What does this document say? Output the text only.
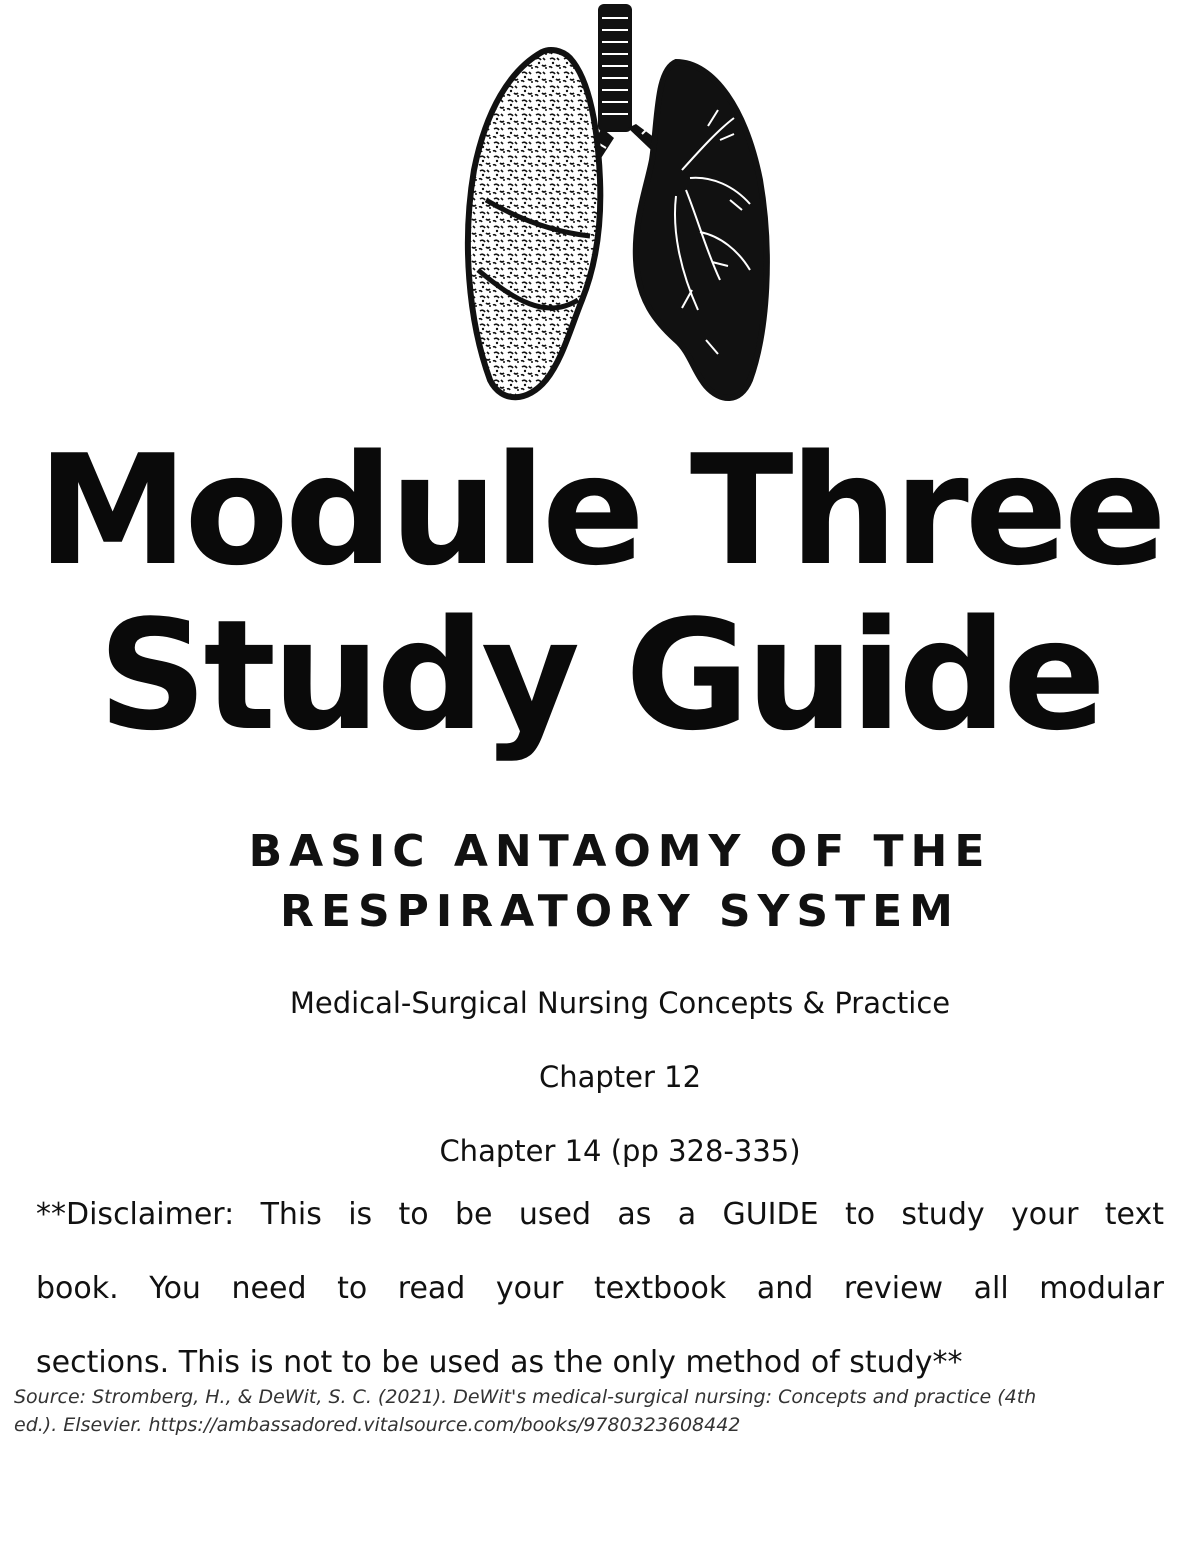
Module Three
Study Guide
BASIC ANTAOMY OF THE
RESPIRATORY SYSTEM
Medical-Surgical Nursing Concepts & Practice
Chapter 12
Chapter 14 (pp 328-335)
**Disclaimer: This is to be used as a GUIDE to study your text
book. You need to read your textbook and review all modular
sections. This is not to be used as the only method of study**
Source: Stromberg, H., & DeWit, S. C. (2021). DeWit's medical-surgical nursing: Concepts and practice (4th
ed.). Elsevier. https://ambassadored.vitalsource.com/books/9780323608442
